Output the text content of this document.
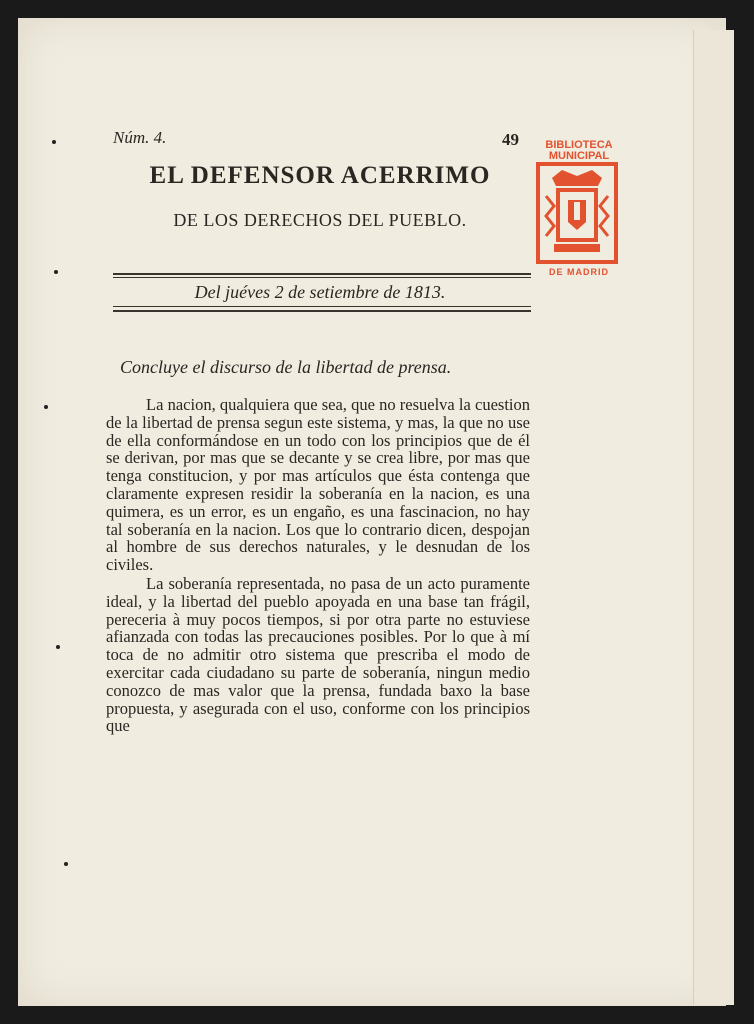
Núm. 4.	49
EL DEFENSOR ACERRIMO
DE LOS DERECHOS DEL PUEBLO.
Del juéves 2 de setiembre de 1813.
BIBLIOTECA MUNICIPAL
DE MADRID
Concluye el discurso de la libertad de prensa.

La nacion, qualquiera que sea, que no resuelva la cuestion de la libertad de prensa segun este sistema, y mas, la que no use de ella conformándose en un todo con los principios que de él se derivan, por mas que se decante y se crea libre, por mas que tenga constitucion, y por mas artículos que ésta contenga que claramente expresen residir la soberanía en la nacion, es una quimera, es un error, es un engaño, es una fascinacion, no hay tal soberanía en la nacion. Los que lo contrario dicen, despojan al hombre de sus derechos naturales, y le desnudan de los civiles.

La soberanía representada, no pasa de un acto puramente ideal, y la libertad del pueblo apoyada en una base tan frágil, pereceria à muy pocos tiempos, si por otra parte no estuviese afianzada con todas las precauciones posibles. Por lo que à mí toca de no admitir otro sistema que prescriba el modo de exercitar cada ciudadano su parte de soberanía, ningun medio conozco de mas valor que la prensa, fundada baxo la base propuesta, y asegurada con el uso, conforme con los principios que
